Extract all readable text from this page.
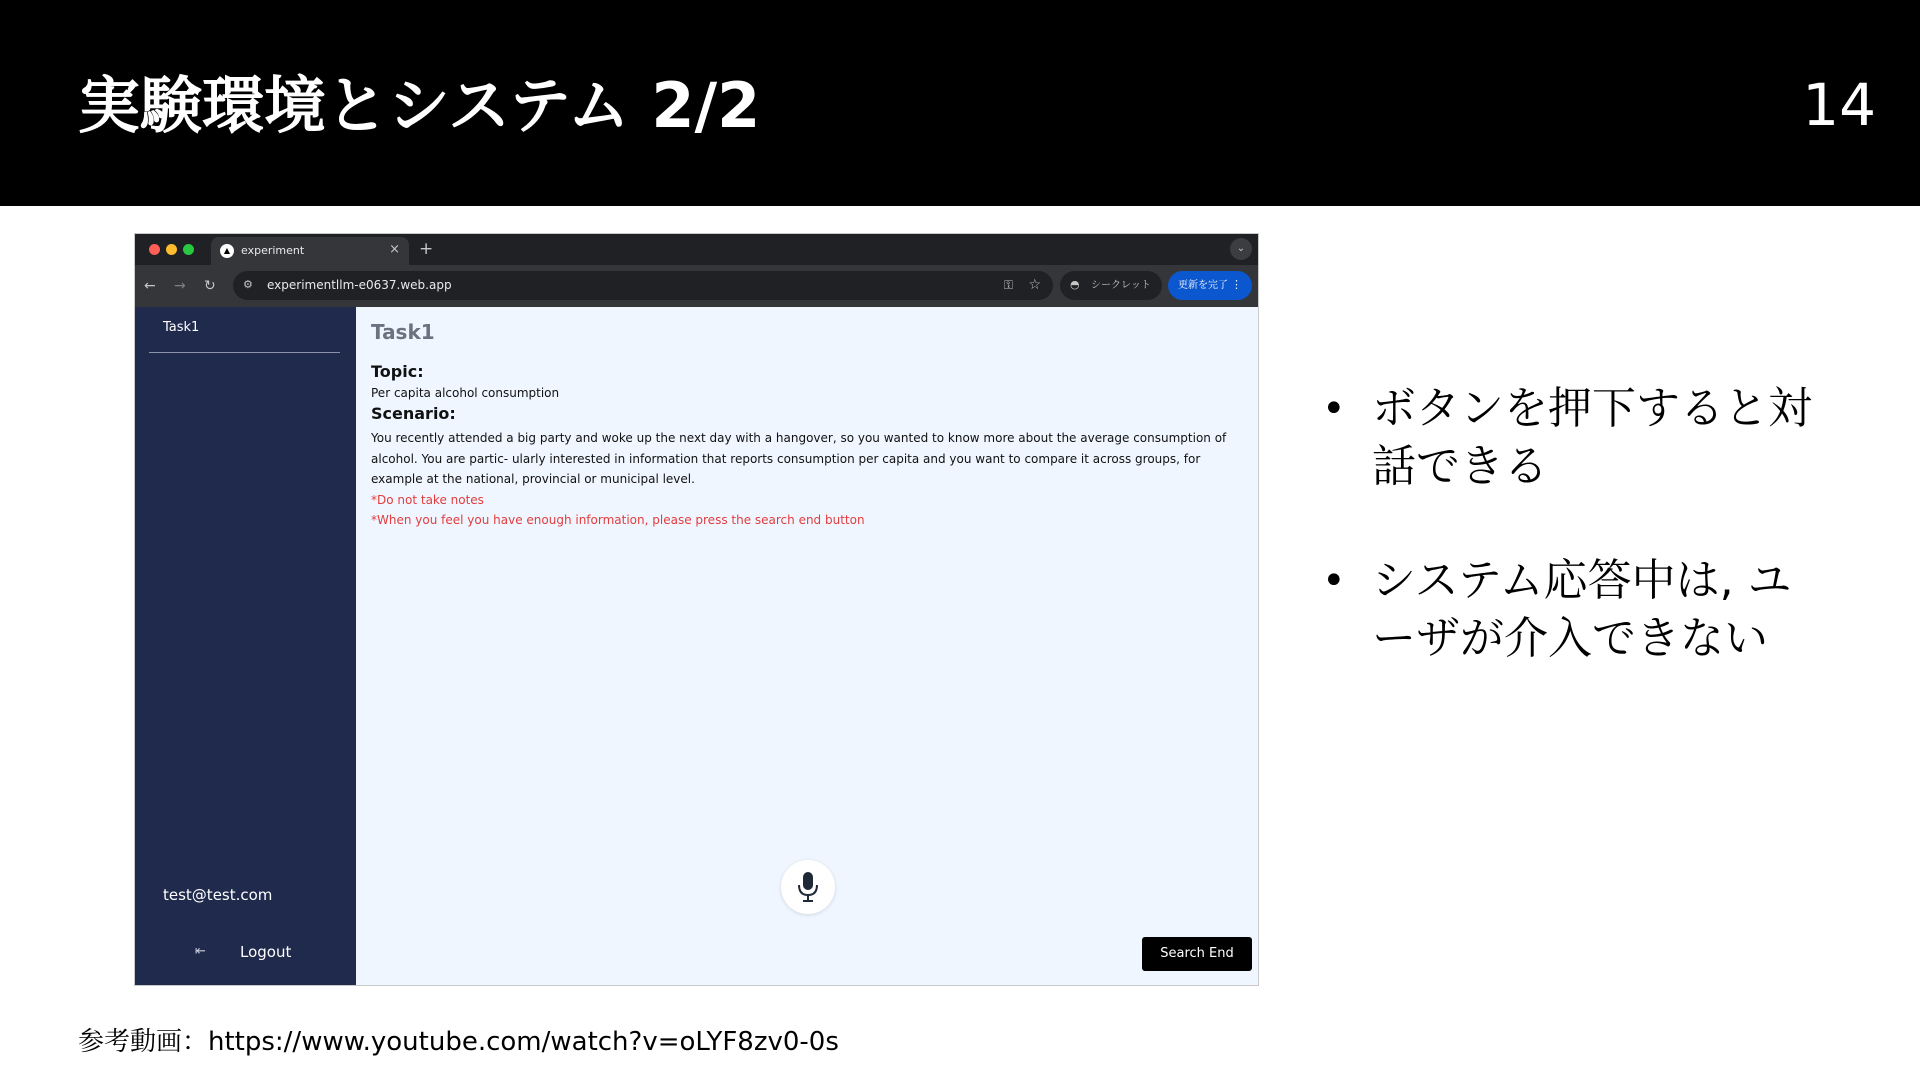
実験環境とシステム 2/2	14
▲ experiment	× +	⌄
← → ↻ ⚙ experimentllm-e0637.web.app	⚿ ☆	◓ シークレット	更新を完了 ⋮
Task1
test@test.com
⇤ Logout
Task1
Topic:
Per capita alcohol consumption
Scenario:
You recently attended a big party and woke up the next day with a hangover, so you wanted to know more about the average consumption of alcohol. You are partic- ularly interested in information that reports consumption per capita and you want to compare it across groups, for example at the national, provincial or municipal level.
*Do not take notes
*When you feel you have enough information, please press the search end button
Search End
• ボタンを押下すると対話できる
• システム応答中は, ユーザが介入できない
参考動画：https://www.youtube.com/watch?v=oLYF8zv0-0s
